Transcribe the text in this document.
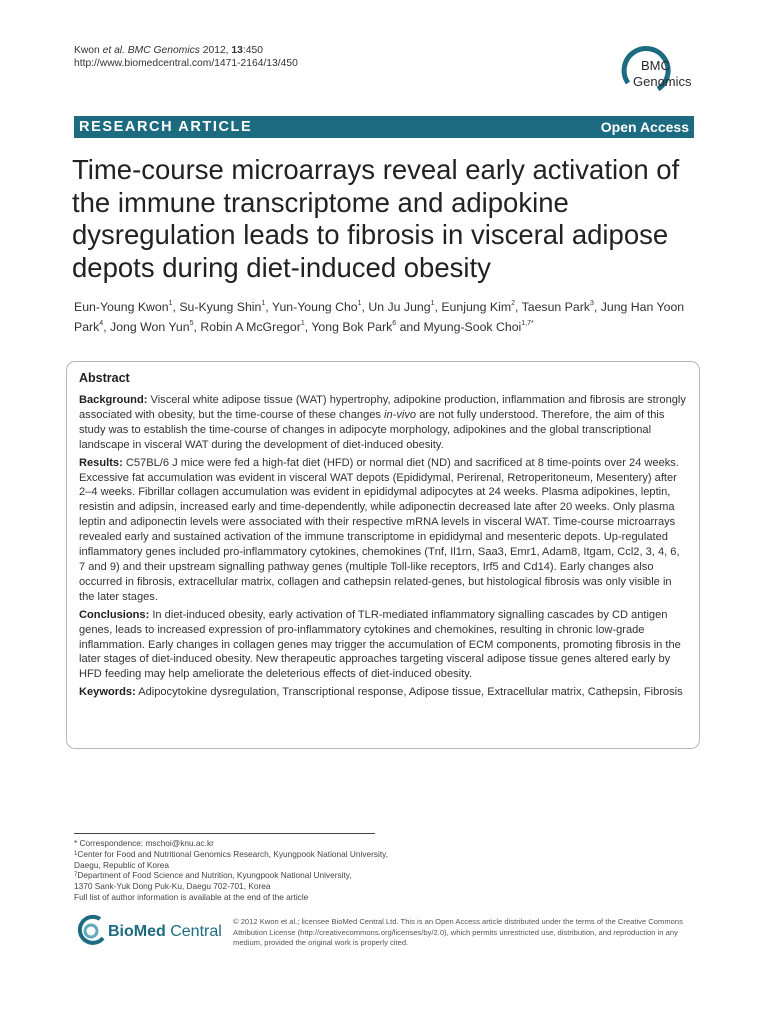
Kwon et al. BMC Genomics 2012, 13:450
http://www.biomedcentral.com/1471-2164/13/450	BMC
Genomics
RESEARCH ARTICLE	Open Access
Time-course microarrays reveal early activation of the immune transcriptome and adipokine dysregulation leads to fibrosis in visceral adipose depots during diet-induced obesity
Eun-Young Kwon$^1$, Su-Kyung Shin$^1$, Yun-Young Cho$^1$, Un Ju Jung$^1$, Eunjung Kim$^2$, Taesun Park$^3$, Jung Han Yoon Park$^4$, Jong Won Yun$^5$, Robin A McGregor$^1$, Yong Bok Park$^6$ and Myung-Sook Choi$^{1,7*}$
Abstract

Background: Visceral white adipose tissue (WAT) hypertrophy, adipokine production, inflammation and fibrosis are strongly associated with obesity, but the time-course of these changes in-vivo are not fully understood. Therefore, the aim of this study was to establish the time-course of changes in adipocyte morphology, adipokines and the global transcriptional landscape in visceral WAT during the development of diet-induced obesity.

Results: C57BL/6 J mice were fed a high-fat diet (HFD) or normal diet (ND) and sacrificed at 8 time-points over 24 weeks. Excessive fat accumulation was evident in visceral WAT depots (Epididymal, Perirenal, Retroperitoneum, Mesentery) after 2–4 weeks. Fibrillar collagen accumulation was evident in epididymal adipocytes at 24 weeks. Plasma adipokines, leptin, resistin and adipsin, increased early and time-dependently, while adiponectin decreased late after 20 weeks. Only plasma leptin and adiponectin levels were associated with their respective mRNA levels in visceral WAT. Time-course microarrays revealed early and sustained activation of the immune transcriptome in epididymal and mesenteric depots. Up-regulated inflammatory genes included pro-inflammatory cytokines, chemokines (Tnf, Il1rn, Saa3, Emr1, Adam8, Itgam, Ccl2, 3, 4, 6, 7 and 9) and their upstream signalling pathway genes (multiple Toll-like receptors, Irf5 and Cd14). Early changes also occurred in fibrosis, extracellular matrix, collagen and cathepsin related-genes, but histological fibrosis was only visible in the later stages.

Conclusions: In diet-induced obesity, early activation of TLR-mediated inflammatory signalling cascades by CD antigen genes, leads to increased expression of pro-inflammatory cytokines and chemokines, resulting in chronic low-grade inflammation. Early changes in collagen genes may trigger the accumulation of ECM components, promoting fibrosis in the later stages of diet-induced obesity. New therapeutic approaches targeting visceral adipose tissue genes altered early by HFD feeding may help ameliorate the deleterious effects of diet-induced obesity.

Keywords: Adipocytokine dysregulation, Transcriptional response, Adipose tissue, Extracellular matrix, Cathepsin, Fibrosis

* Correspondence: mschoi@knu.ac.kr
$^1$Center for Food and Nutritional Genomics Research, Kyungpook National University, Daegu, Republic of Korea
$^7$Department of Food Science and Nutrition, Kyungpook National University,
1370 Sank-Yuk Dong Puk-Ku, Daegu 702-701, Korea
Full list of author information is available at the end of the article
BioMed Central
© 2012 Kwon et al.; licensee BioMed Central Ltd. This is an Open Access article distributed under the terms of the Creative Commons Attribution License (http://creativecommons.org/licenses/by/2.0), which permits unrestricted use, distribution, and reproduction in any medium, provided the original work is properly cited.
